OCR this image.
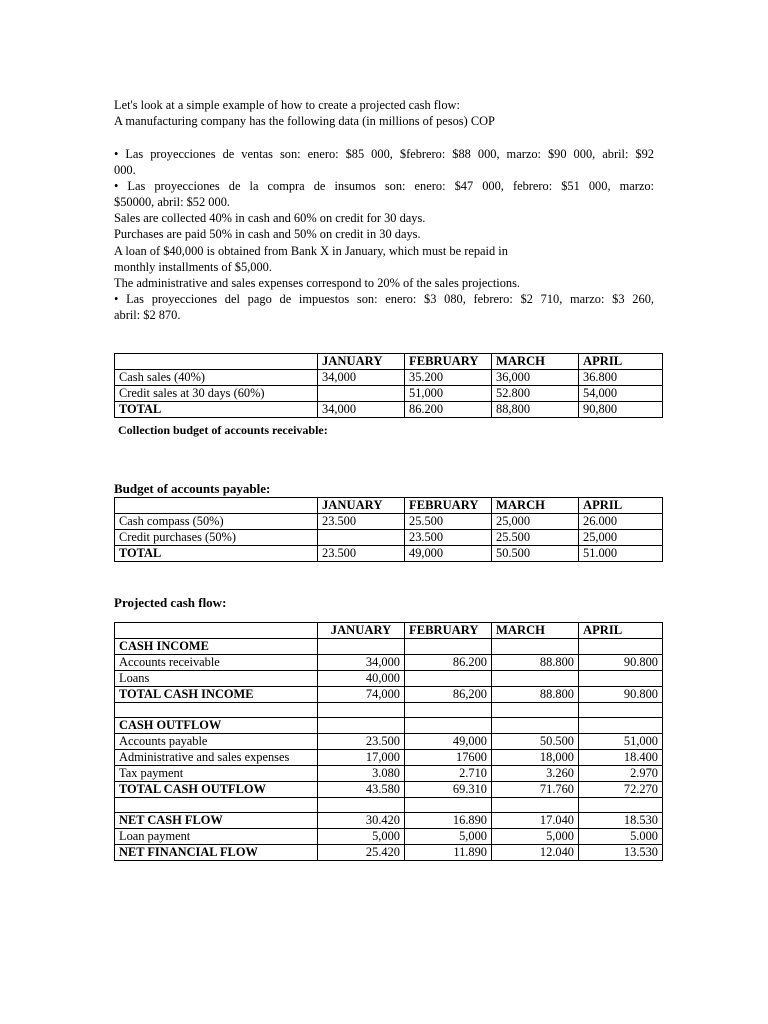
Let's look at a simple example of how to create a projected cash flow:
A manufacturing company has the following data (in millions of pesos) COP
• Las proyecciones de ventas son: enero: $85 000, $febrero: $88 000, marzo: $90 000, abril: $92
000.
• Las proyecciones de la compra de insumos son: enero: $47 000, febrero: $51 000, marzo:
$50000, abril: $52 000.
Sales are collected 40% in cash and 60% on credit for 30 days.
Purchases are paid 50% in cash and 50% on credit in 30 days.
A loan of $40,000 is obtained from Bank X in January, which must be repaid in
monthly installments of $5,000.
The administrative and sales expenses correspond to 20% of the sales projections.
• Las proyecciones del pago de impuestos son: enero: $3 080, febrero: $2 710, marzo: $3 260,
abril: $2 870.
	JANUARY	FEBRUARY	MARCH	APRIL
Cash sales (40%)	34,000	35.200	36,000	36.800
Credit sales at 30 days (60%)		51,000	52.800	54,000
TOTAL	34,000	86.200	88,800	90,800
Collection budget of accounts receivable:
Budget of accounts payable:
	JANUARY	FEBRUARY	MARCH	APRIL
Cash compass (50%)	23.500	25.500	25,000	26.000
Credit purchases (50%)		23.500	25.500	25,000
TOTAL	23.500	49,000	50.500	51.000
Projected cash flow:
	JANUARY	FEBRUARY	MARCH	APRIL
CASH INCOME				
Accounts receivable	34,000	86.200	88.800	90.800
Loans	40,000			
TOTAL CASH INCOME	74,000	86,200	88.800	90.800

CASH OUTFLOW				
Accounts payable	23.500	49,000	50.500	51,000
Administrative and sales expenses	17,000	17600	18,000	18.400
Tax payment	3.080	2.710	3.260	2.970
TOTAL CASH OUTFLOW	43.580	69.310	71.760	72.270

NET CASH FLOW	30.420	16.890	17.040	18.530
Loan payment	5,000	5,000	5,000	5.000
NET FINANCIAL FLOW	25.420	11.890	12.040	13.530
